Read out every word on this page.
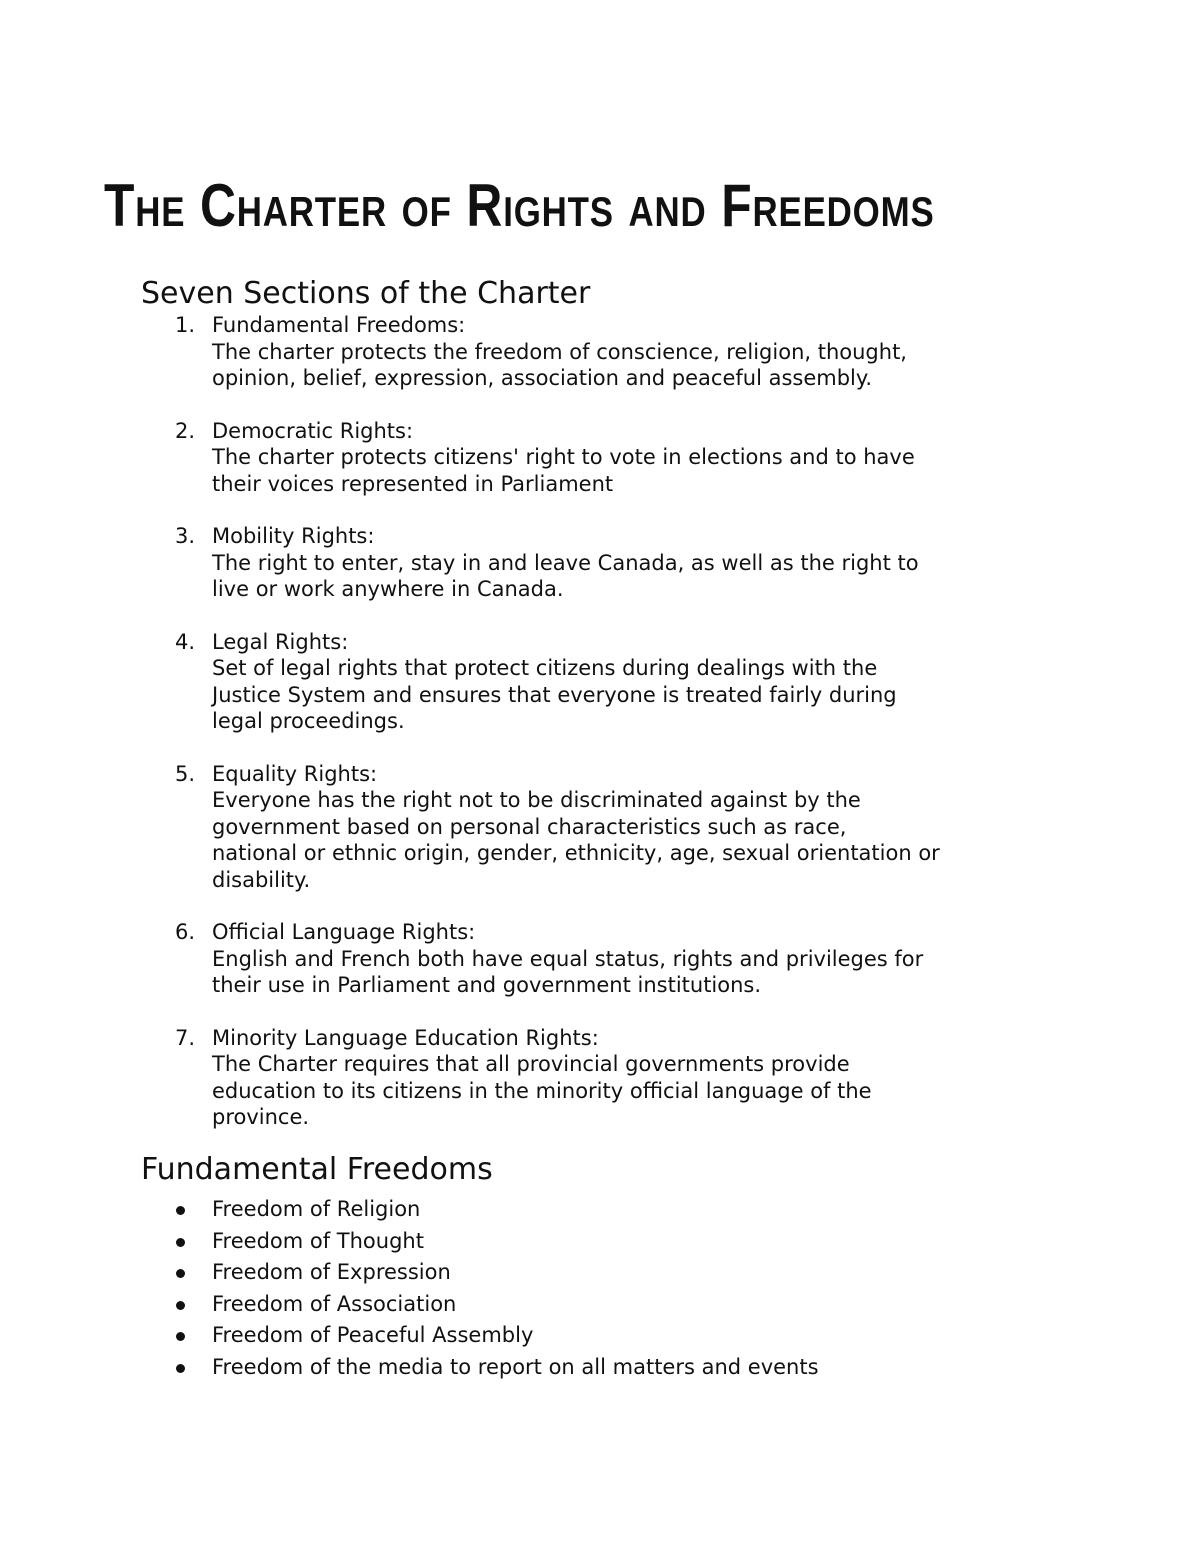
The Charter of Rights and Freedoms
Seven Sections of the Charter
1. Fundamental Freedoms:
The charter protects the freedom of conscience, religion, thought,
opinion, belief, expression, association and peaceful assembly.
2. Democratic Rights:
The charter protects citizens' right to vote in elections and to have
their voices represented in Parliament
3. Mobility Rights:
The right to enter, stay in and leave Canada, as well as the right to
live or work anywhere in Canada.
4. Legal Rights:
Set of legal rights that protect citizens during dealings with the
Justice System and ensures that everyone is treated fairly during
legal proceedings.
5. Equality Rights:
Everyone has the right not to be discriminated against by the
government based on personal characteristics such as race,
national or ethnic origin, gender, ethnicity, age, sexual orientation or
disability.
6. Official Language Rights:
English and French both have equal status, rights and privileges for
their use in Parliament and government institutions.
7. Minority Language Education Rights:
The Charter requires that all provincial governments provide
education to its citizens in the minority official language of the
province.
Fundamental Freedoms
Freedom of Religion
Freedom of Thought
Freedom of Expression
Freedom of Association
Freedom of Peaceful Assembly
Freedom of the media to report on all matters and events
